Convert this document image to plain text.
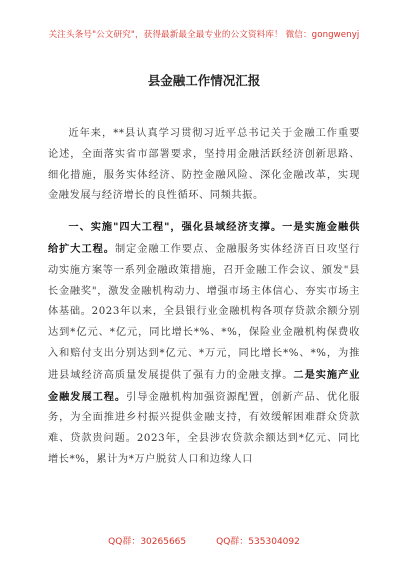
关注头条号"公文研究"，获得最新最全最专业的公文资料库！ 微信：gongwenyj
县金融工作情况汇报

近年来，**县认真学习贯彻习近平总书记关于金融工作重要论述，全面落实省市部署要求，坚持用金融活跃经济创新思路、细化措施，服务实体经济、防控金融风险、深化金融改革，实现金融发展与经济增长的良性循环、同频共振。

一、实施"四大工程"，强化县域经济支撑。一是实施金融供给扩大工程。制定金融工作要点、金融服务实体经济百日攻坚行动实施方案等一系列金融政策措施，召开金融工作会议、颁发"县长金融奖"，激发金融机构动力、增强市场主体信心、夯实市场主体基础。2023年以来，全县银行业金融机构各项存贷款余额分别达到*亿元、*亿元，同比增长*%、*%，保险业金融机构保费收入和赔付支出分别达到*亿元、*万元，同比增长*%、*%，为推进县域经济高质量发展提供了强有力的金融支撑。二是实施产业金融发展工程。引导金融机构加强资源配置，创新产品、优化服务，为全面推进乡村振兴提供金融支持，有效缓解困难群众贷款难、贷款贵问题。2023年，全县涉农贷款余额达到*亿元、同比增长*%，累计为*万户脱贫人口和边缘人口

QQ群：30265665	QQ群：535304092
